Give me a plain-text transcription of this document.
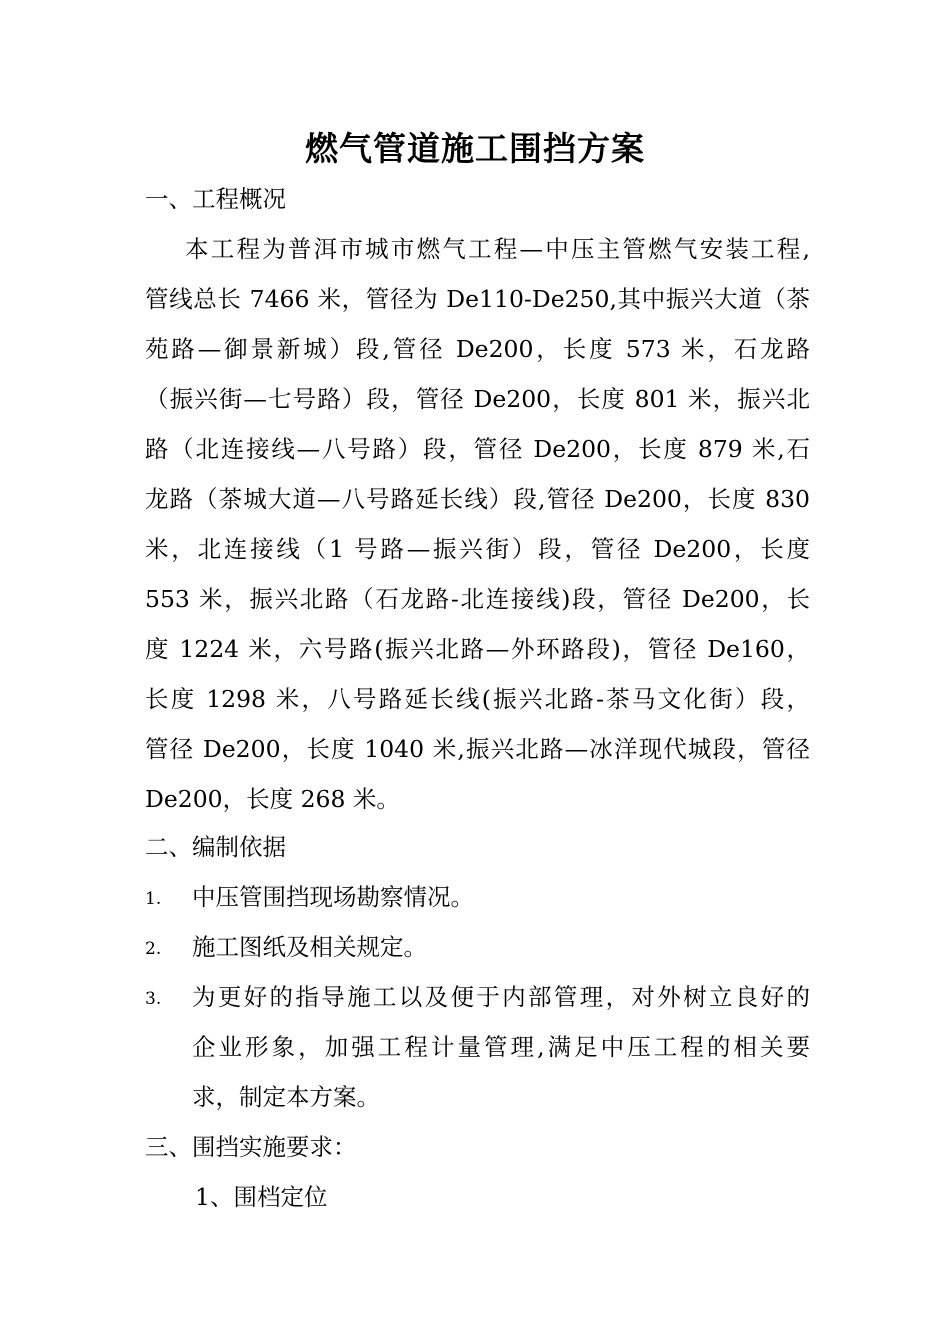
燃气管道施工围挡方案
一、工程概况
本工程为普洱市城市燃气工程—中压主管燃气安装工程,
管线总长 7466 米，管径为 De110-De250,其中振兴大道（茶
苑路—御景新城）段,管径 De200，长度 573 米，石龙路
（振兴街—七号路）段，管径 De200，长度 801 米，振兴北
路（北连接线—八号路）段，管径 De200，长度 879 米,石
龙路（茶城大道—八号路延长线）段,管径 De200，长度 830
米，北连接线（1 号路—振兴街）段，管径 De200，长度
553 米，振兴北路（石龙路-北连接线)段，管径 De200，长
度 1224 米，六号路(振兴北路—外环路段)，管径 De160，
长度 1298 米，八号路延长线(振兴北路-茶马文化街）段，
管径 De200，长度 1040 米,振兴北路—冰洋现代城段，管径
De200，长度 268 米。
二、编制依据
1. 中压管围挡现场勘察情况。
2. 施工图纸及相关规定。
3. 为更好的指导施工以及便于内部管理，对外树立良好的
企业形象，加强工程计量管理,满足中压工程的相关要
求，制定本方案。
三、围挡实施要求：
1、围档定位
